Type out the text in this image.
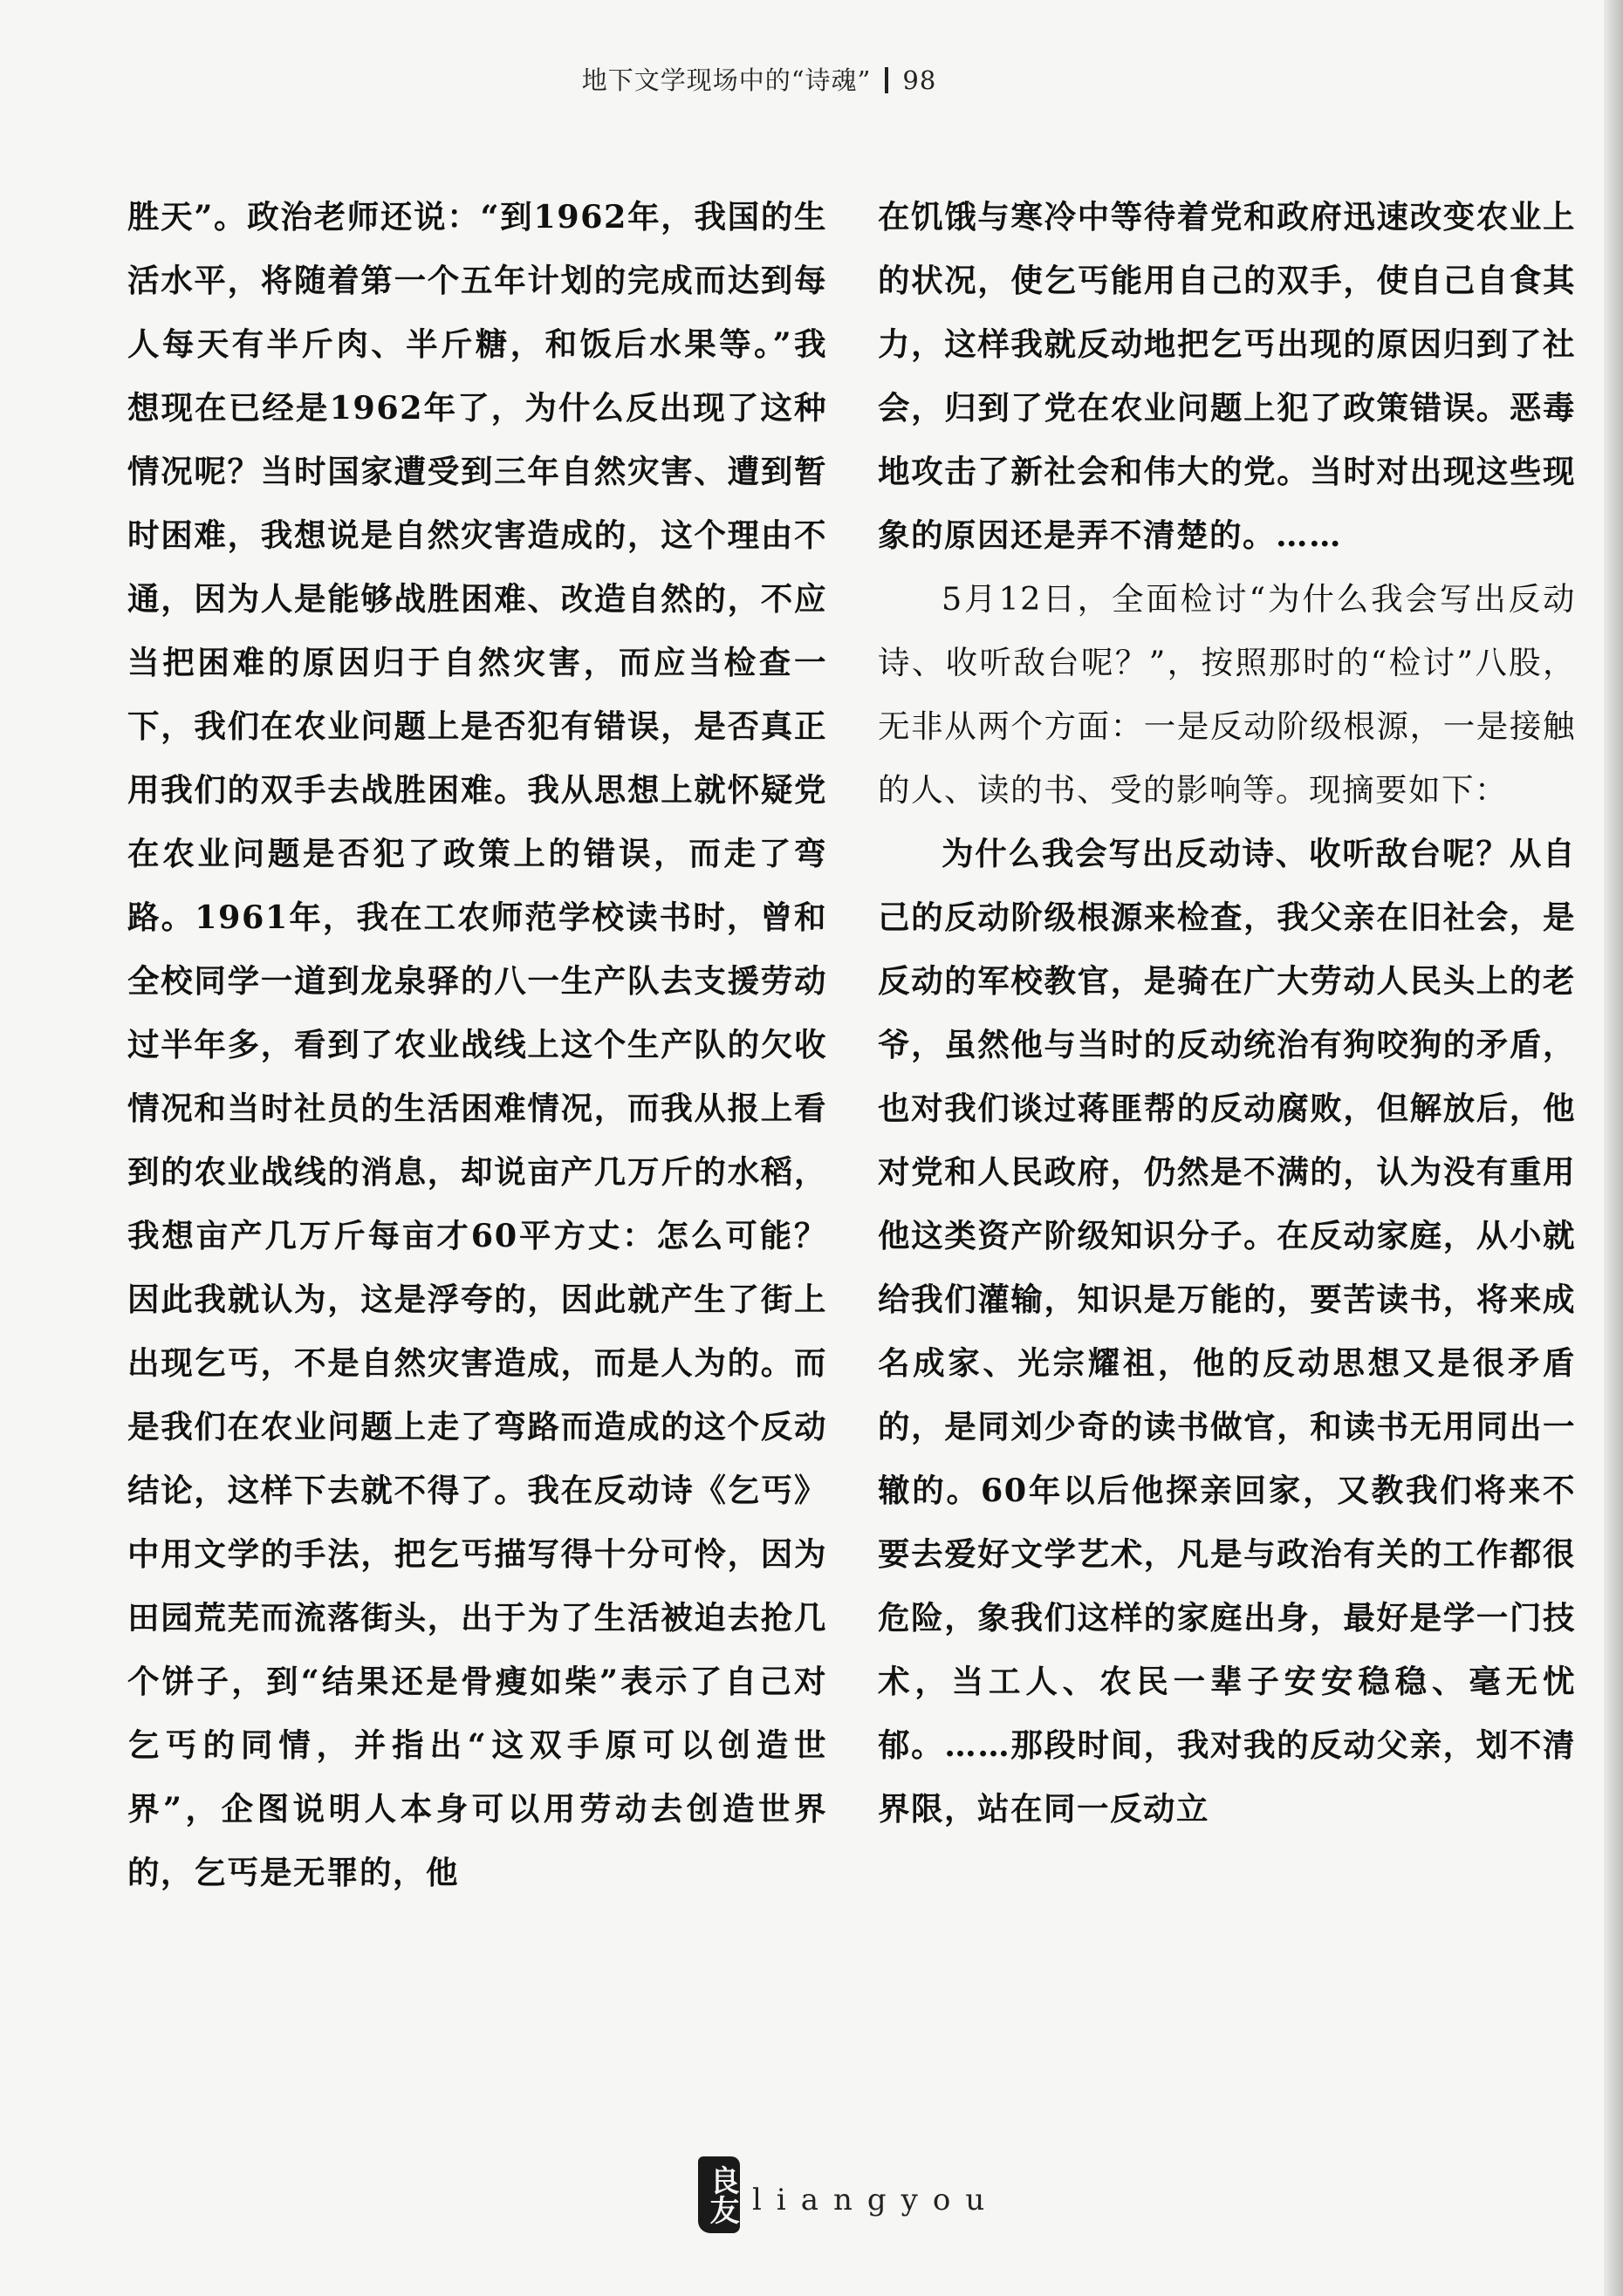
地下文学现场中的“诗魂” 98

胜天”。政治老师还说：“到1962年，我国的生活水平，将随着第一个五年计划的完成而达到每人每天有半斤肉、半斤糖，和饭后水果等。”我想现在已经是1962年了，为什么反出现了这种情况呢？当时国家遭受到三年自然灾害、遭到暂时困难，我想说是自然灾害造成的，这个理由不通，因为人是能够战胜困难、改造自然的，不应当把困难的原因归于自然灾害，而应当检查一下，我们在农业问题上是否犯有错误，是否真正用我们的双手去战胜困难。我从思想上就怀疑党在农业问题是否犯了政策上的错误，而走了弯路。1961年，我在工农师范学校读书时，曾和全校同学一道到龙泉驿的八一生产队去支援劳动过半年多，看到了农业战线上这个生产队的欠收情况和当时社员的生活困难情况，而我从报上看到的农业战线的消息，却说亩产几万斤的水稻，我想亩产几万斤每亩才60平方丈：怎么可能？因此我就认为，这是浮夸的，因此就产生了街上出现乞丐，不是自然灾害造成，而是人为的。而是我们在农业问题上走了弯路而造成的这个反动结论，这样下去就不得了。我在反动诗《乞丐》中用文学的手法，把乞丐描写得十分可怜，因为田园荒芜而流落街头，出于为了生活被迫去抢几个饼子，到“结果还是骨瘦如柴”表示了自己对乞丐的同情，并指出“这双手原可以创造世界”，企图说明人本身可以用劳动去创造世界的，乞丐是无罪的，他

在饥饿与寒冷中等待着党和政府迅速改变农业上的状况，使乞丐能用自己的双手，使自己自食其力，这样我就反动地把乞丐出现的原因归到了社会，归到了党在农业问题上犯了政策错误。恶毒地攻击了新社会和伟大的党。当时对出现这些现象的原因还是弄不清楚的。……

5月12日，全面检讨“为什么我会写出反动诗、收听敌台呢？”，按照那时的“检讨”八股，无非从两个方面：一是反动阶级根源，一是接触的人、读的书、受的影响等。现摘要如下：

为什么我会写出反动诗、收听敌台呢？从自己的反动阶级根源来检查，我父亲在旧社会，是反动的军校教官，是骑在广大劳动人民头上的老爷，虽然他与当时的反动统治有狗咬狗的矛盾，也对我们谈过蒋匪帮的反动腐败，但解放后，他对党和人民政府，仍然是不满的，认为没有重用他这类资产阶级知识分子。在反动家庭，从小就给我们灌输，知识是万能的，要苦读书，将来成名成家、光宗耀祖，他的反动思想又是很矛盾的，是同刘少奇的读书做官，和读书无用同出一辙的。60年以后他探亲回家，又教我们将来不要去爱好文学艺术，凡是与政治有关的工作都很危险，象我们这样的家庭出身，最好是学一门技术，当工人、农民一辈子安安稳稳、毫无忧郁。……那段时间，我对我的反动父亲，划不清界限，站在同一反动立

良友 liangyou
